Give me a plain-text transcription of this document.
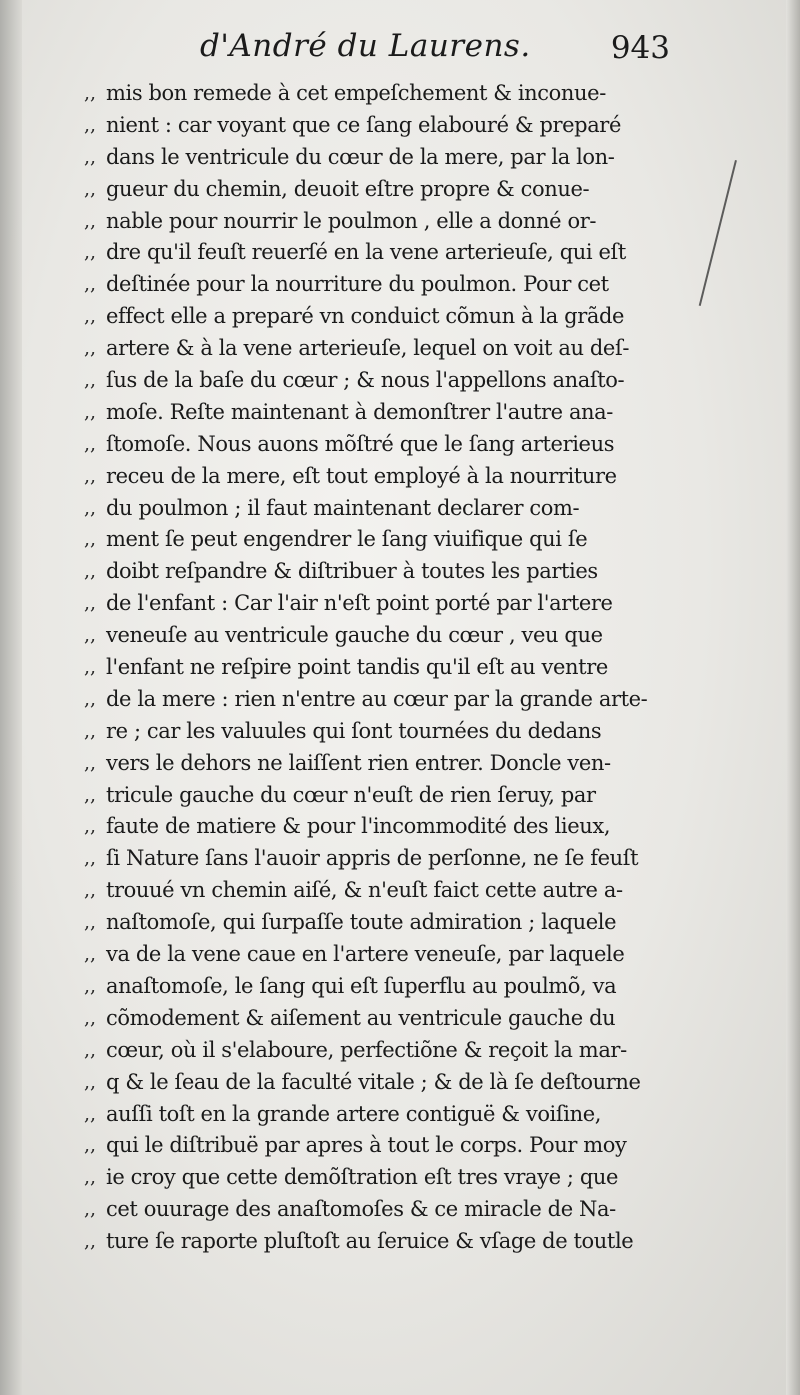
d'André du Laurens.	943
,, mis bon remede à cet empeſchement & inconue-
,, nient : car voyant que ce ſang elabouré & preparé
,, dans le ventricule du cœur de la mere, par la lon-
,, gueur du chemin, deuoit eſtre propre & conue-
,, nable pour nourrir le poulmon , elle a donné or-
,, dre qu'il feuſt reuerſé en la vene arterieuſe, qui eſt
,, deſtinée pour la nourriture du poulmon. Pour cet
,, effect elle a preparé vn conduict cõmun à la grãde
,, artere & à la vene arterieuſe, lequel on voit au deſ-
,, ſus de la baſe du cœur ; & nous l'appellons anaſto-
,, moſe. Reſte maintenant à demonſtrer l'autre ana-
,, ſtomoſe. Nous auons mõſtré que le ſang arterieus
,, receu de la mere, eſt tout employé à la nourriture
,, du poulmon ; il faut maintenant declarer com-
,, ment ſe peut engendrer le ſang viuifique qui ſe
,, doibt reſpandre & diſtribuer à toutes les parties
,, de l'enfant : Car l'air n'eſt point porté par l'artere
,, veneuſe au ventricule gauche du cœur , veu que
,, l'enfant ne reſpire point tandis qu'il eſt au ventre
,, de la mere : rien n'entre au cœur par la grande arte-
,, re ; car les valuules qui ſont tournées du dedans
,, vers le dehors ne laiſſent rien entrer. Doncle ven-
,, tricule gauche du cœur n'euſt de rien ſeruy, par
,, faute de matiere & pour l'incommodité des lieux,
,, ſi Nature ſans l'auoir appris de perſonne, ne ſe feuſt
,, trouué vn chemin aiſé, & n'euſt faict cette autre a-
,, naſtomoſe, qui ſurpaſſe toute admiration ; laquele
,, va de la vene caue en l'artere veneuſe, par laquele
,, anaſtomoſe, le ſang qui eſt ſuperflu au poulmõ, va
,, cõmodement & aiſement au ventricule gauche du
,, cœur, où il s'elaboure, perfectiõne & reçoit la mar-
,, q & le ſeau de la faculté vitale ; & de là ſe deſtourne
,, auſſi toſt en la grande artere contiguë & voiſine,
,, qui le diſtribuë par apres à tout le corps. Pour moy
,, ie croy que cette demõſtration eſt tres vraye ; que
,, cet ouurage des anaſtomoſes & ce miracle de Na-
,, ture ſe raporte pluſtoſt au ſeruice & vſage de toutle
